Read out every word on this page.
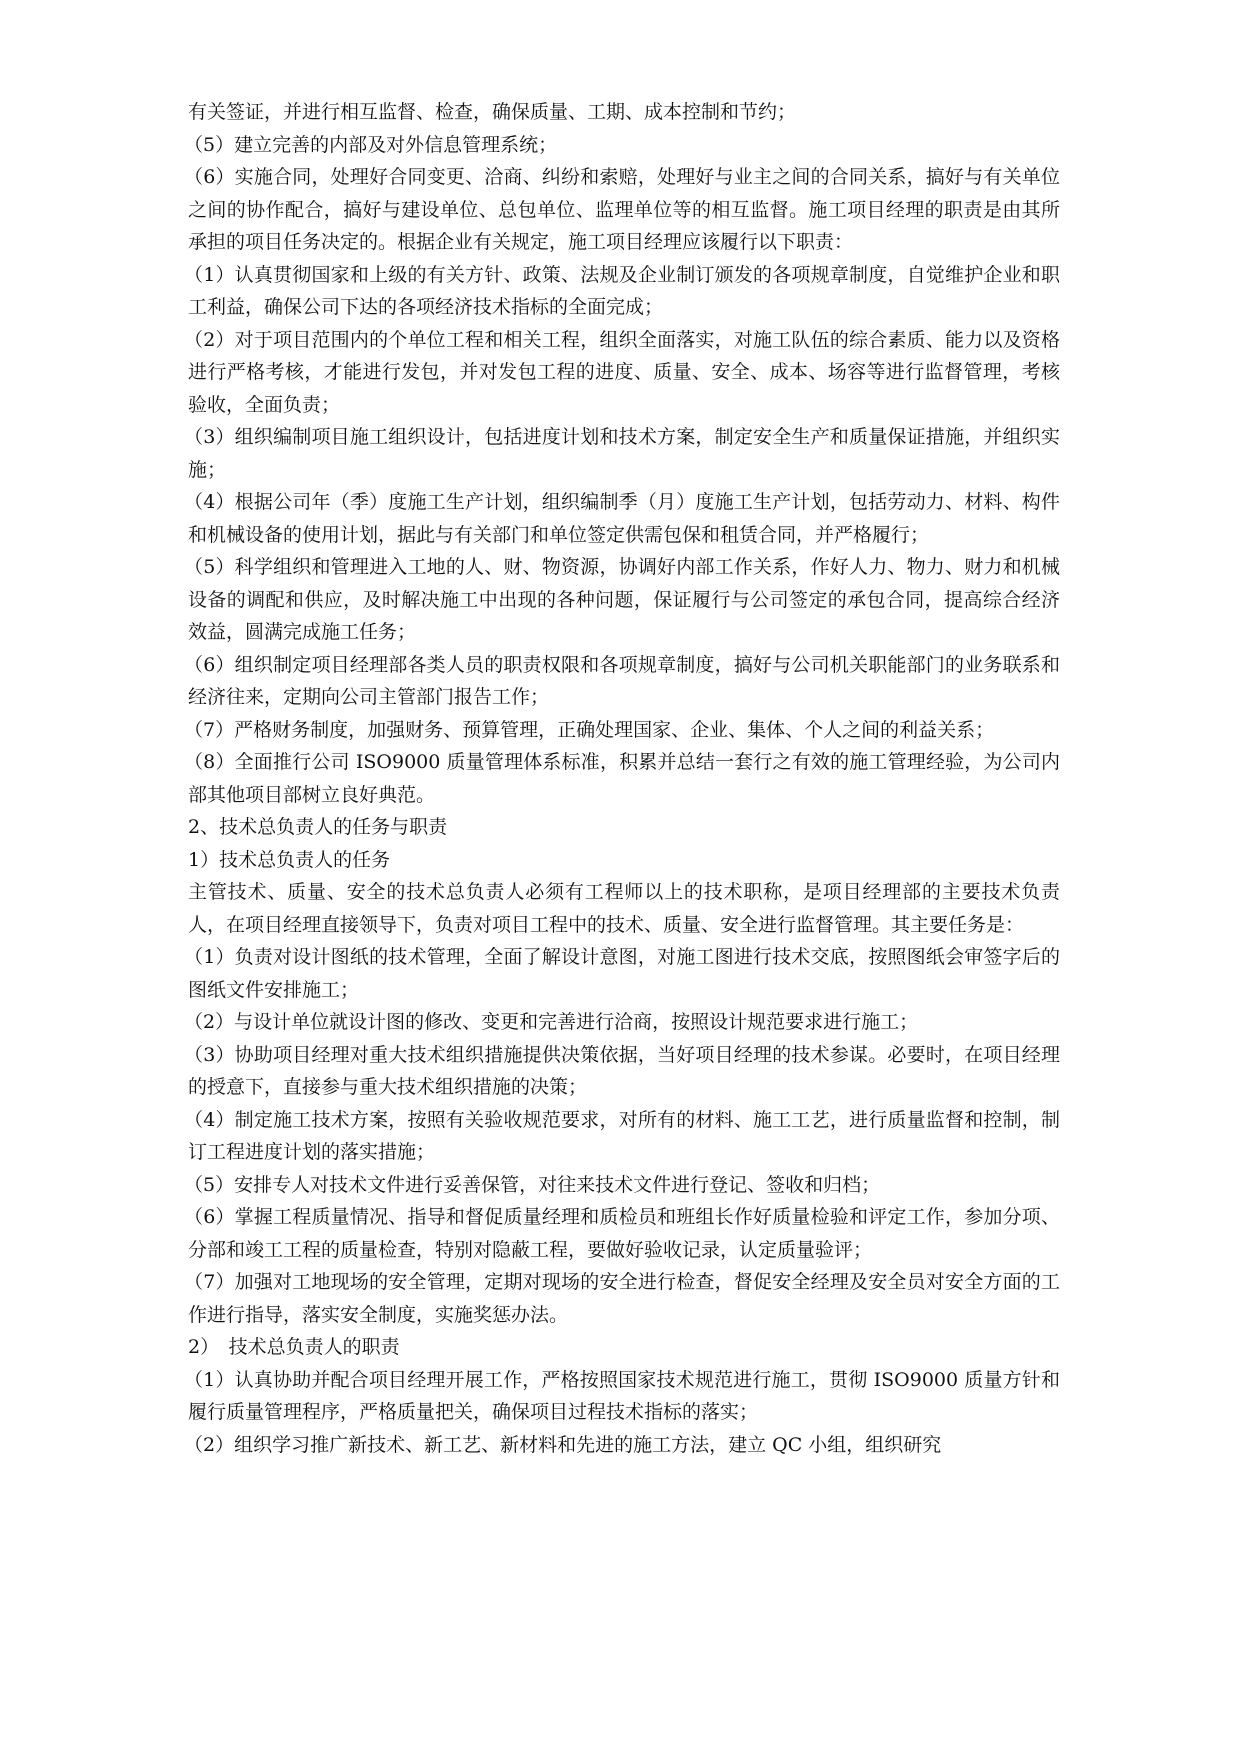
有关签证，并进行相互监督、检查，确保质量、工期、成本控制和节约；

（5）建立完善的内部及对外信息管理系统；

（6）实施合同，处理好合同变更、洽商、纠纷和索赔，处理好与业主之间的合同关系，搞好与有关单位之间的协作配合，搞好与建设单位、总包单位、监理单位等的相互监督。施工项目经理的职责是由其所承担的项目任务决定的。根据企业有关规定，施工项目经理应该履行以下职责：

（1）认真贯彻国家和上级的有关方针、政策、法规及企业制订颁发的各项规章制度，自觉维护企业和职工利益，确保公司下达的各项经济技术指标的全面完成；

（2）对于项目范围内的个单位工程和相关工程，组织全面落实，对施工队伍的综合素质、能力以及资格进行严格考核，才能进行发包，并对发包工程的进度、质量、安全、成本、场容等进行监督管理，考核验收，全面负责；

（3）组织编制项目施工组织设计，包括进度计划和技术方案，制定安全生产和质量保证措施，并组织实施；

（4）根据公司年（季）度施工生产计划，组织编制季（月）度施工生产计划，包括劳动力、材料、构件和机械设备的使用计划，据此与有关部门和单位签定供需包保和租赁合同，并严格履行；

（5）科学组织和管理进入工地的人、财、物资源，协调好内部工作关系，作好人力、物力、财力和机械设备的调配和供应，及时解决施工中出现的各种问题，保证履行与公司签定的承包合同，提高综合经济效益，圆满完成施工任务；

（6）组织制定项目经理部各类人员的职责权限和各项规章制度，搞好与公司机关职能部门的业务联系和经济往来，定期向公司主管部门报告工作；

（7）严格财务制度，加强财务、预算管理，正确处理国家、企业、集体、个人之间的利益关系；

（8）全面推行公司 ISO9000 质量管理体系标准，积累并总结一套行之有效的施工管理经验，为公司内部其他项目部树立良好典范。

2、技术总负责人的任务与职责

1）技术总负责人的任务

主管技术、质量、安全的技术总负责人必须有工程师以上的技术职称，是项目经理部的主要技术负责人，在项目经理直接领导下，负责对项目工程中的技术、质量、安全进行监督管理。其主要任务是：

（1）负责对设计图纸的技术管理，全面了解设计意图，对施工图进行技术交底，按照图纸会审签字后的图纸文件安排施工；

（2）与设计单位就设计图的修改、变更和完善进行洽商，按照设计规范要求进行施工；

（3）协助项目经理对重大技术组织措施提供决策依据，当好项目经理的技术参谋。必要时，在项目经理的授意下，直接参与重大技术组织措施的决策；

（4）制定施工技术方案，按照有关验收规范要求，对所有的材料、施工工艺，进行质量监督和控制，制订工程进度计划的落实措施；

（5）安排专人对技术文件进行妥善保管，对往来技术文件进行登记、签收和归档；

（6）掌握工程质量情况、指导和督促质量经理和质检员和班组长作好质量检验和评定工作，参加分项、分部和竣工工程的质量检查，特别对隐蔽工程，要做好验收记录，认定质量验评；

（7）加强对工地现场的安全管理，定期对现场的安全进行检查，督促安全经理及安全员对安全方面的工作进行指导，落实安全制度，实施奖惩办法。

2）　技术总负责人的职责

（1）认真协助并配合项目经理开展工作，严格按照国家技术规范进行施工，贯彻 ISO9000 质量方针和履行质量管理程序，严格质量把关，确保项目过程技术指标的落实；

（2）组织学习推广新技术、新工艺、新材料和先进的施工方法，建立 QC 小组，组织研究
